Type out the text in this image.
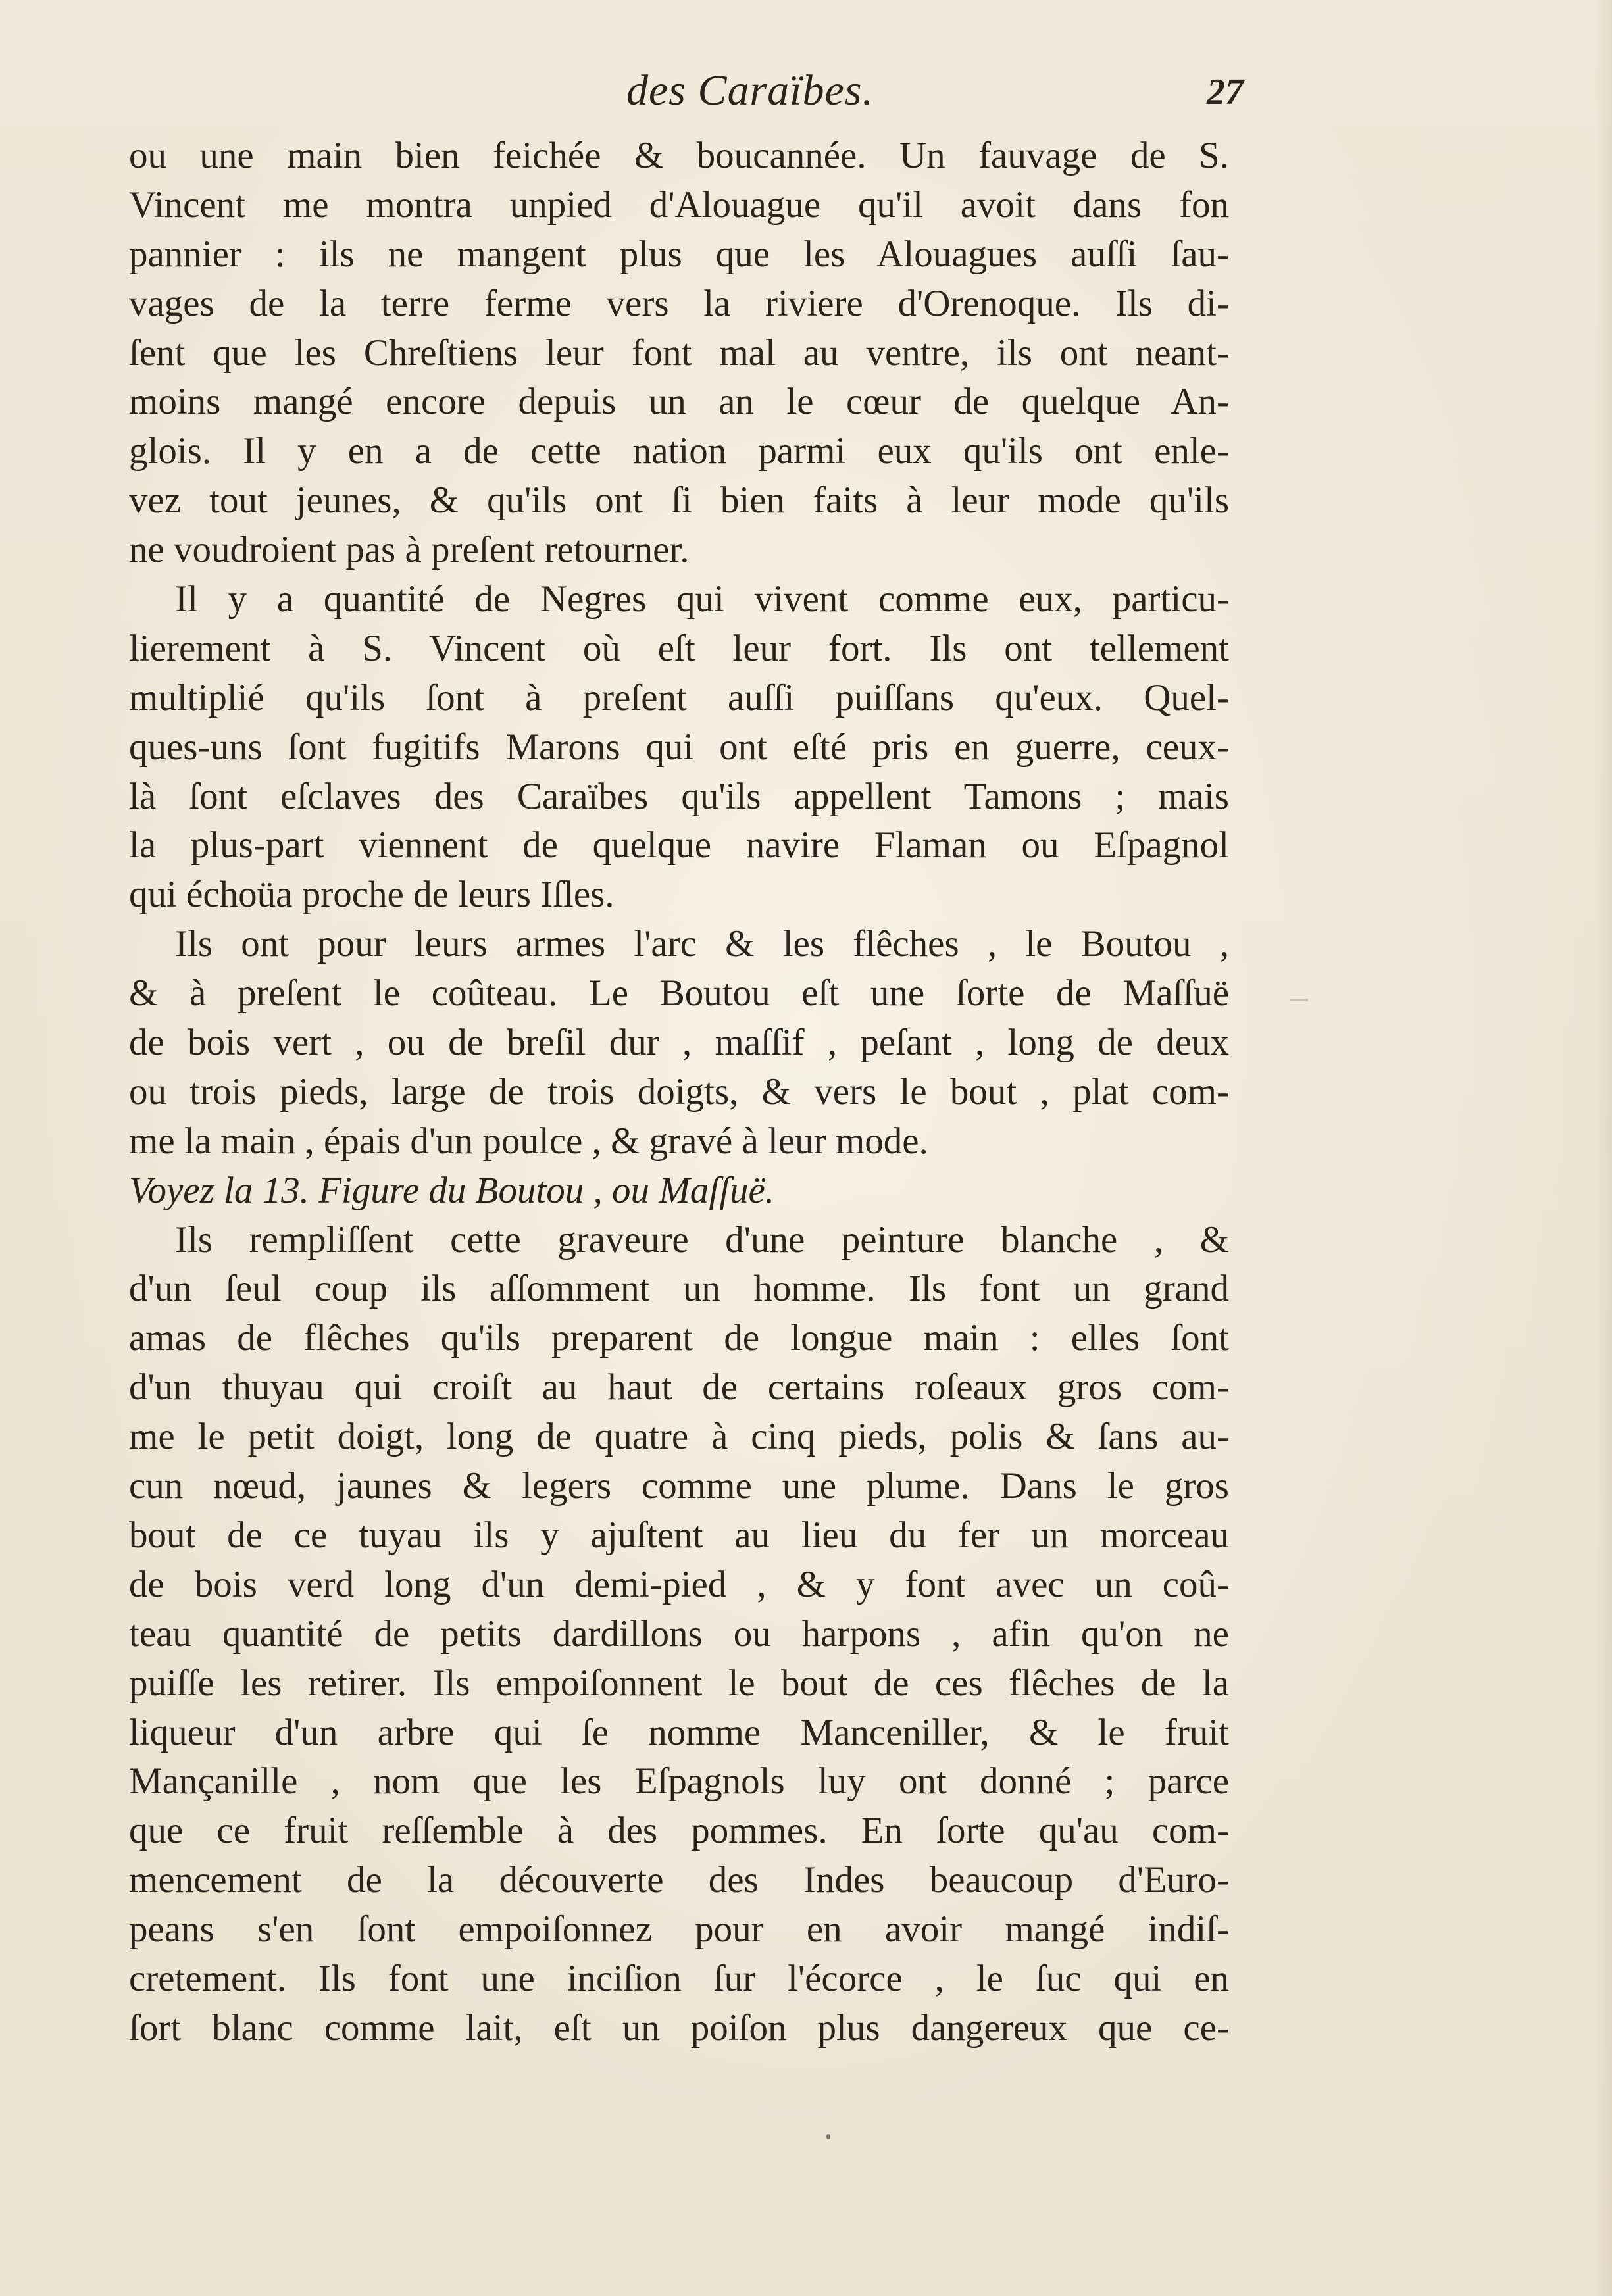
des Caraïbes.	27
ou une main bien feichée & boucannée. Un fauvage de S.
Vincent me montra unpied d'Alouague qu'il avoit dans fon
pannier : ils ne mangent plus que les Alouagues auſſi ſau-
vages de la terre ferme vers la riviere d'Orenoque. Ils di-
ſent que les Chreſtiens leur font mal au ventre, ils ont neant-
moins mangé encore depuis un an le cœur de quelque An-
glois. Il y en a de cette nation parmi eux qu'ils ont enle-
vez tout jeunes, & qu'ils ont ſi bien faits à leur mode qu'ils
ne voudroient pas à preſent retourner.
Il y a quantité de Negres qui vivent comme eux, particu-
lierement à S. Vincent où eſt leur fort. Ils ont tellement
multiplié qu'ils ſont à preſent auſſi puiſſans qu'eux. Quel-
ques-uns ſont fugitifs Marons qui ont eſté pris en guerre, ceux-
là ſont eſclaves des Caraïbes qu'ils appellent Tamons ; mais
la plus-part viennent de quelque navire Flaman ou Eſpagnol
qui échoüa proche de leurs Iſles.
Ils ont pour leurs armes l'arc & les flêches , le Boutou ,
& à preſent le coûteau. Le Boutou eſt une ſorte de Maſſuë
de bois vert , ou de breſil dur , maſſif , peſant , long de deux
ou trois pieds, large de trois doigts, & vers le bout , plat com-
me la main , épais d'un poulce , & gravé à leur mode.
Voyez la 13. Figure du Boutou , ou Maſſuë.
Ils rempliſſent cette graveure d'une peinture blanche , &
d'un ſeul coup ils aſſomment un homme. Ils font un grand
amas de flêches qu'ils preparent de longue main : elles ſont
d'un thuyau qui croiſt au haut de certains roſeaux gros com-
me le petit doigt, long de quatre à cinq pieds, polis & ſans au-
cun nœud, jaunes & legers comme une plume. Dans le gros
bout de ce tuyau ils y ajuſtent au lieu du fer un morceau
de bois verd long d'un demi-pied , & y font avec un coû-
teau quantité de petits dardillons ou harpons , afin qu'on ne
puiſſe les retirer. Ils empoiſonnent le bout de ces flêches de la
liqueur d'un arbre qui ſe nomme Manceniller, & le fruit
Mançanille , nom que les Eſpagnols luy ont donné ; parce
que ce fruit reſſemble à des pommes. En ſorte qu'au com-
mencement de la découverte des Indes beaucoup d'Euro-
peans s'en ſont empoiſonnez pour en avoir mangé indiſ-
cretement. Ils font une inciſion ſur l'écorce , le ſuc qui en
ſort blanc comme lait, eſt un poiſon plus dangereux que ce-
